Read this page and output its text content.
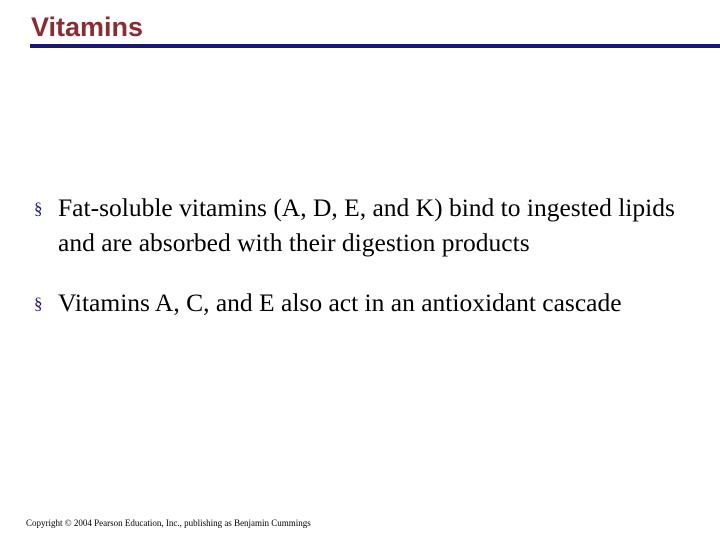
Vitamins
§ Fat-soluble vitamins (A, D, E, and K) bind to ingested lipids and are absorbed with their digestion products
§ Vitamins A, C, and E also act in an antioxidant cascade
Copyright © 2004 Pearson Education, Inc., publishing as Benjamin Cummings
